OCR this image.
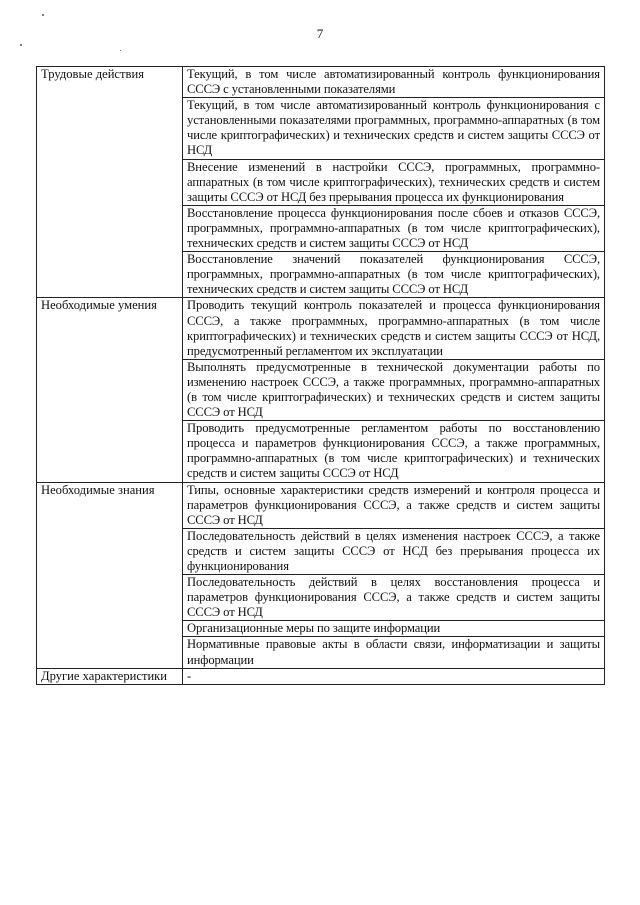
7
Трудовые действия	Текущий, в том числе автоматизированный контроль функционирования СССЭ с установленными показателями
	Текущий, в том числе автоматизированный контроль функционирования с установленными показателями программных, программно-аппаратных (в том числе криптографических) и технических средств и систем защиты СССЭ от НСД
	Внесение изменений в настройки СССЭ, программных, программно-аппаратных (в том числе криптографических), технических средств и систем защиты СССЭ от НСД без прерывания процесса их функционирования
	Восстановление процесса функционирования после сбоев и отказов СССЭ, программных, программно-аппаратных (в том числе криптографических), технических средств и систем защиты СССЭ от НСД
	Восстановление значений показателей функционирования СССЭ, программных, программно-аппаратных (в том числе криптографических), технических средств и систем защиты СССЭ от НСД
Необходимые умения	Проводить текущий контроль показателей и процесса функционирования СССЭ, а также программных, программно-аппаратных (в том числе криптографических) и технических средств и систем защиты СССЭ от НСД, предусмотренный регламентом их эксплуатации
	Выполнять предусмотренные в технической документации работы по изменению настроек СССЭ, а также программных, программно-аппаратных (в том числе криптографических) и технических средств и систем защиты СССЭ от НСД
	Проводить предусмотренные регламентом работы по восстановлению процесса и параметров функционирования СССЭ, а также программных, программно-аппаратных (в том числе криптографических) и технических средств и систем защиты СССЭ от НСД
Необходимые знания	Типы, основные характеристики средств измерений и контроля процесса и параметров функционирования СССЭ, а также средств и систем защиты СССЭ от НСД
	Последовательность действий в целях изменения настроек СССЭ, а также средств и систем защиты СССЭ от НСД без прерывания процесса их функционирования
	Последовательность действий в целях восстановления процесса и параметров функционирования СССЭ, а также средств и систем защиты СССЭ от НСД
	Организационные меры по защите информации
	Нормативные правовые акты в области связи, информатизации и защиты информации
Другие характеристики	-
